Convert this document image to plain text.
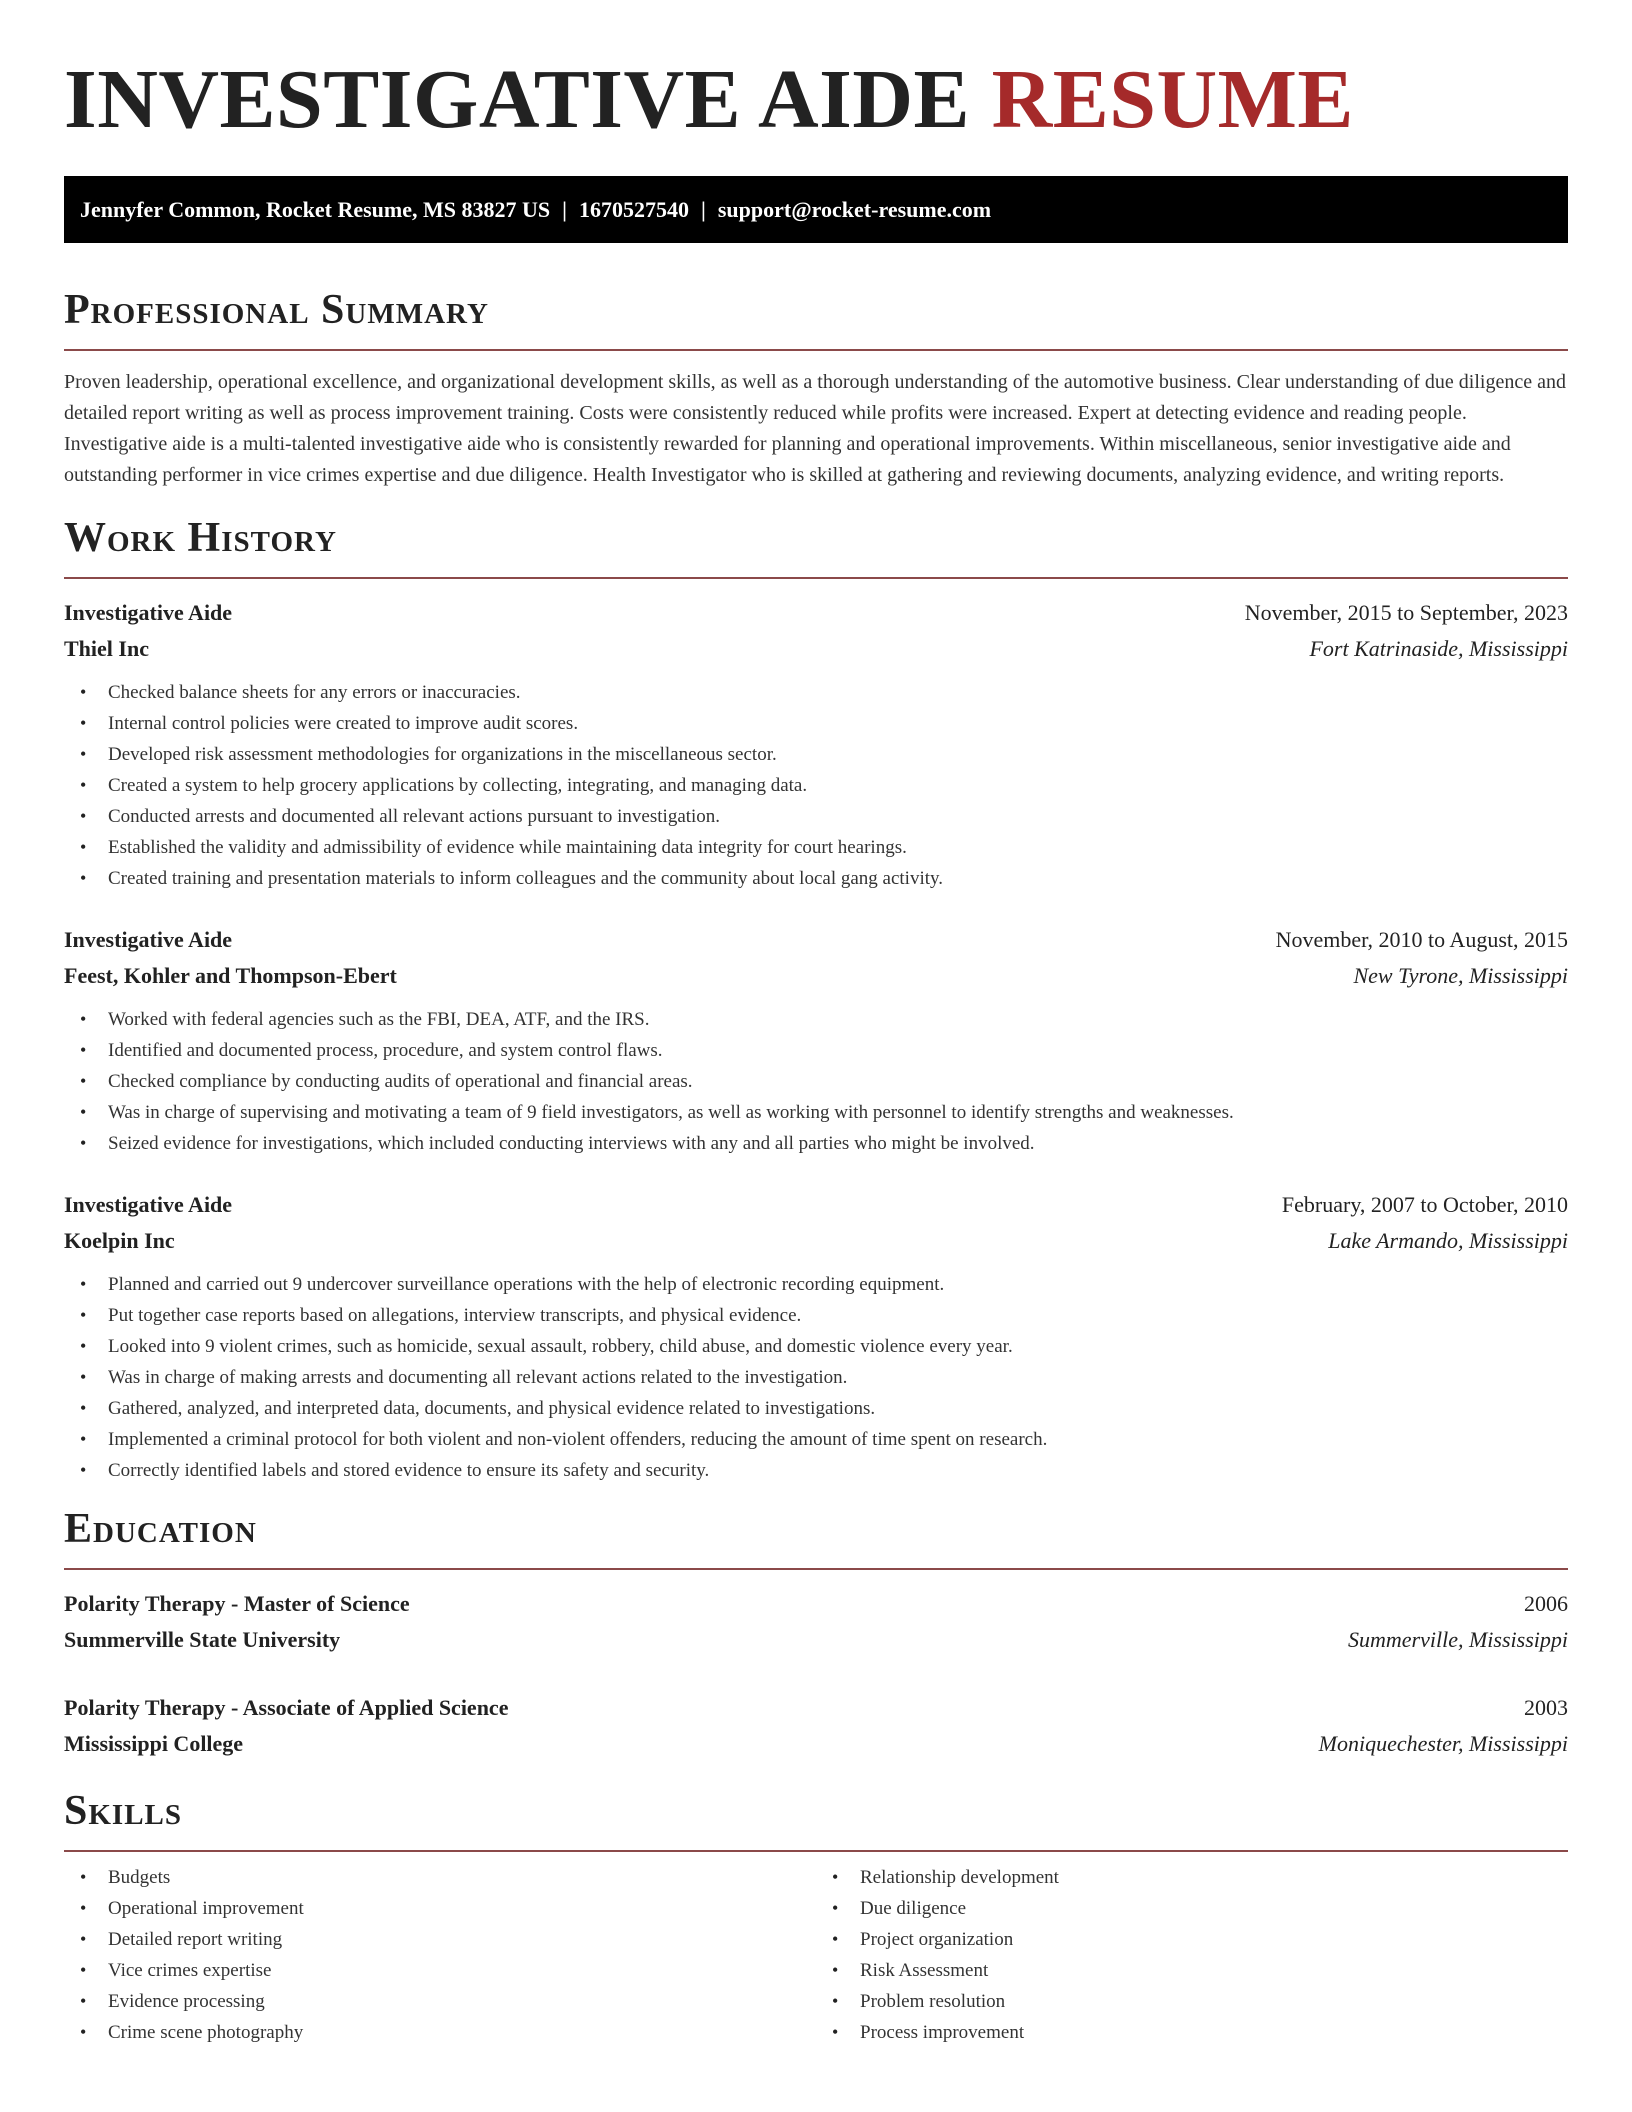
INVESTIGATIVE AIDE RESUME
Jennyfer Common, Rocket Resume, MS 83827 US | 1670527540 | support@rocket-resume.com
Professional Summary

Proven leadership, operational excellence, and organizational development skills, as well as a thorough understanding of the automotive business. Clear understanding of due diligence and detailed report writing as well as process improvement training. Costs were consistently reduced while profits were increased. Expert at detecting evidence and reading people. Investigative aide is a multi-talented investigative aide who is consistently rewarded for planning and operational improvements. Within miscellaneous, senior investigative aide and outstanding performer in vice crimes expertise and due diligence. Health Investigator who is skilled at gathering and reviewing documents, analyzing evidence, and writing reports.

Work History
Investigative Aide	November, 2015 to September, 2023
Thiel Inc	Fort Katrinaside, Mississippi
• Checked balance sheets for any errors or inaccuracies.
• Internal control policies were created to improve audit scores.
• Developed risk assessment methodologies for organizations in the miscellaneous sector.
• Created a system to help grocery applications by collecting, integrating, and managing data.
• Conducted arrests and documented all relevant actions pursuant to investigation.
• Established the validity and admissibility of evidence while maintaining data integrity for court hearings.
• Created training and presentation materials to inform colleagues and the community about local gang activity.
Investigative Aide	November, 2010 to August, 2015
Feest, Kohler and Thompson-Ebert	New Tyrone, Mississippi
• Worked with federal agencies such as the FBI, DEA, ATF, and the IRS.
• Identified and documented process, procedure, and system control flaws.
• Checked compliance by conducting audits of operational and financial areas.
• Was in charge of supervising and motivating a team of 9 field investigators, as well as working with personnel to identify strengths and weaknesses.
• Seized evidence for investigations, which included conducting interviews with any and all parties who might be involved.
Investigative Aide	February, 2007 to October, 2010
Koelpin Inc	Lake Armando, Mississippi
• Planned and carried out 9 undercover surveillance operations with the help of electronic recording equipment.
• Put together case reports based on allegations, interview transcripts, and physical evidence.
• Looked into 9 violent crimes, such as homicide, sexual assault, robbery, child abuse, and domestic violence every year.
• Was in charge of making arrests and documenting all relevant actions related to the investigation.
• Gathered, analyzed, and interpreted data, documents, and physical evidence related to investigations.
• Implemented a criminal protocol for both violent and non-violent offenders, reducing the amount of time spent on research.
• Correctly identified labels and stored evidence to ensure its safety and security.
Education
Polarity Therapy - Master of Science	2006
Summerville State University	Summerville, Mississippi
Polarity Therapy - Associate of Applied Science	2003
Mississippi College	Moniquechester, Mississippi
Skills
• Budgets
• Operational improvement
• Detailed report writing
• Vice crimes expertise
• Evidence processing
• Crime scene photography
• Relationship development
• Due diligence
• Project organization
• Risk Assessment
• Problem resolution
• Process improvement
